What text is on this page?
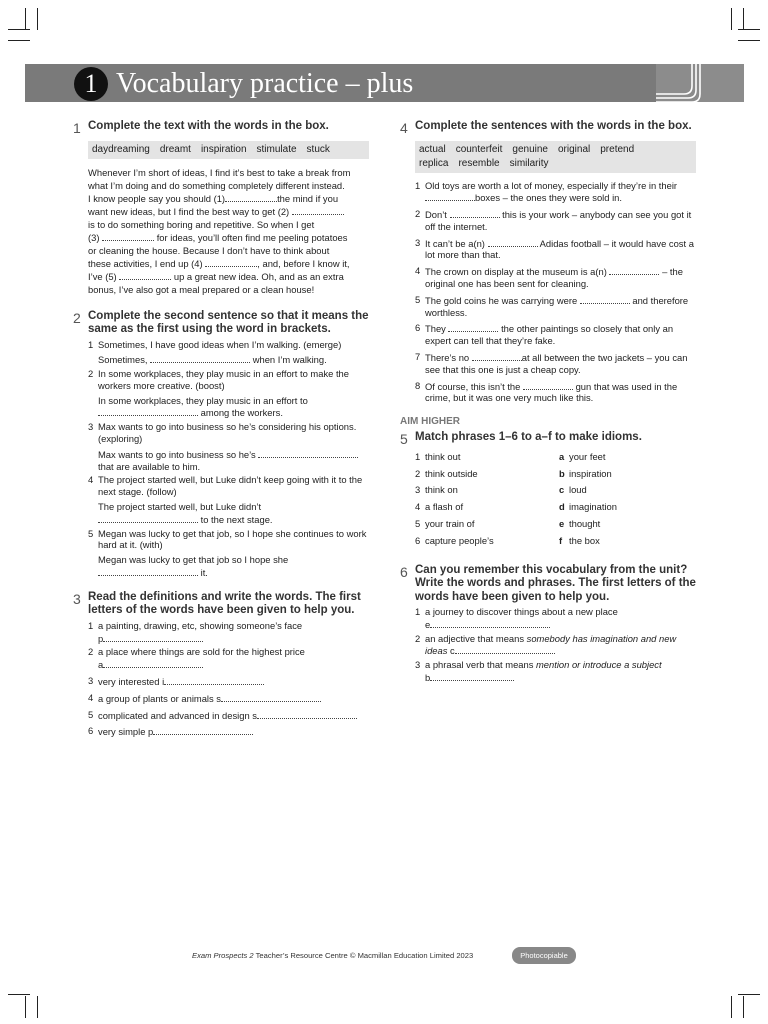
1 Vocabulary practice – plus
1 Complete the text with the words in the box.
daydreaming dreamt inspiration stimulate stuck
Whenever I’m short of ideas, I find it’s best to take a break from
what I’m doing and do something completely different instead.
I know people say you should (1)	the mind if you
want new ideas, but I find the best way to get (2)
is to do something boring and repetitive. So when I get
(3)	for ideas, you’ll often find me peeling potatoes
or cleaning the house. Because I don’t have to think about
these activities, I end up (4)	, and, before I know it,
I’ve (5)	up a great new idea. Oh, and as an extra
bonus, I’ve also got a meal prepared or a clean house!
2 Complete the second sentence so that it means the same as the first using the word in brackets.
1 Sometimes, I have good ideas when I’m walking. (emerge)
Sometimes,	when I’m walking.
2 In some workplaces, they play music in an effort to make the workers more creative. (boost)
In some workplaces, they play music in an effort to
among the workers.
3 Max wants to go into business so he’s considering his options. (exploring)
Max wants to go into business so he’s
that are available to him.
4 The project started well, but Luke didn’t keep going with it to the next stage. (follow)
The project started well, but Luke didn’t
to the next stage.
5 Megan was lucky to get that job, so I hope she continues to work hard at it. (with)
Megan was lucky to get that job so I hope she
it.
3 Read the definitions and write the words. The first letters of the words have been given to help you.
1 a painting, drawing, etc, showing someone’s face
p
2 a place where things are sold for the highest price
a
3 very interested i
4 a group of plants or animals s
5 complicated and advanced in design s
6 very simple p
4 Complete the sentences with the words in the box.
actual counterfeit genuine original pretend
replica resemble similarity
1 Old toys are worth a lot of money, especially if they’re in their boxes – the ones they were sold in.
2 Don’t	this is your work – anybody can see you got it off the internet.
3 It can’t be a(n)	Adidas football – it would have cost a lot more than that.
4 The crown on display at the museum is a(n)	– the original one has been sent for cleaning.
5 The gold coins he was carrying were	and therefore worthless.
6 They	the other paintings so closely that only an expert can tell that they’re fake.
7 There’s no	at all between the two jackets – you can see that this one is just a cheap copy.
8 Of course, this isn’t the	gun that was used in the crime, but it was one very much like this.
AIM HIGHER
5 Match phrases 1–6 to a–f to make idioms.
1 think out	a your feet
2 think outside	b inspiration
3 think on	c loud
4 a flash of	d imagination
5 your train of	e thought
6 capture people’s	f the box
6 Can you remember this vocabulary from the unit? Write the words and phrases. The first letters of the words have been given to help you.
1 a journey to discover things about a new place
e
2 an adjective that means somebody has imagination and new ideas c
3 a phrasal verb that means mention or introduce a subject
b
Exam Prospects 2 Teacher’s Resource Centre © Macmillan Education Limited 2023	Photocopiable
